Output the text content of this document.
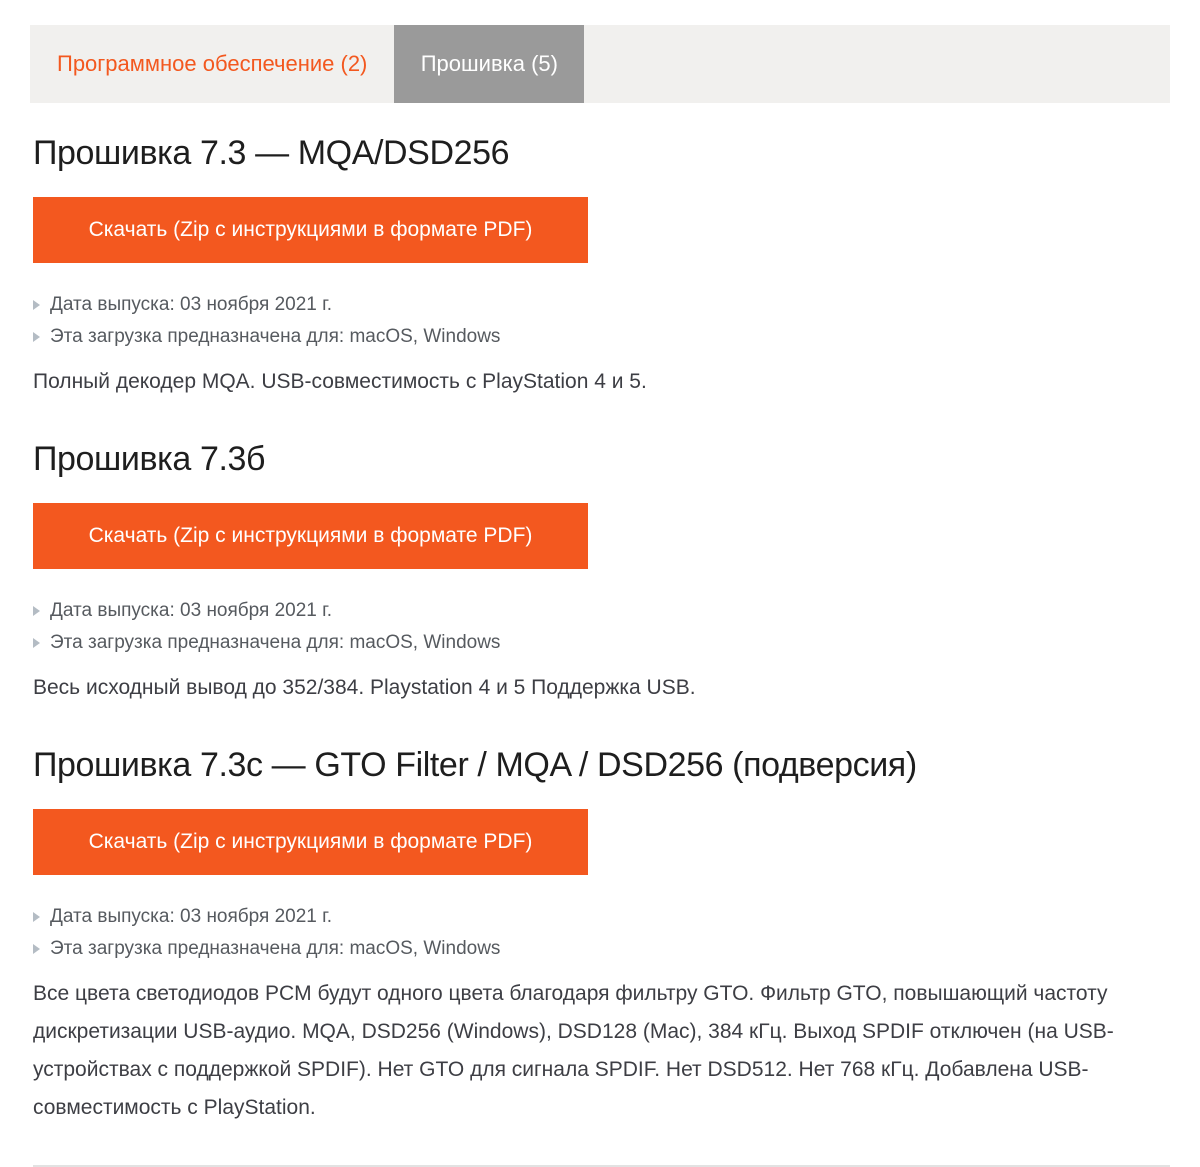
Программное обеспечение (2)	Прошивка (5)
Прошивка 7.3 — MQA/DSD256
Скачать (Zip с инструкциями в формате PDF)
Дата выпуска: 03 ноября 2021 г.
Эта загрузка предназначена для: macOS, Windows

Полный декодер MQA. USB-совместимость с PlayStation 4 и 5.

Прошивка 7.3б
Скачать (Zip с инструкциями в формате PDF)
Дата выпуска: 03 ноября 2021 г.
Эта загрузка предназначена для: macOS, Windows

Весь исходный вывод до 352/384. Playstation 4 и 5 Поддержка USB.

Прошивка 7.3c — GTO Filter / MQA / DSD256 (подверсия)
Скачать (Zip с инструкциями в формате PDF)
Дата выпуска: 03 ноября 2021 г.
Эта загрузка предназначена для: macOS, Windows

Все цвета светодиодов PCM будут одного цвета благодаря фильтру GTO. Фильтр GTO, повышающий частоту дискретизации USB-аудио. MQA, DSD256 (Windows), DSD128 (Mac), 384 кГц. Выход SPDIF отключен (на USB-устройствах с поддержкой SPDIF). Нет GTO для сигнала SPDIF. Нет DSD512. Нет 768 кГц. Добавлена USB-совместимость с PlayStation.
